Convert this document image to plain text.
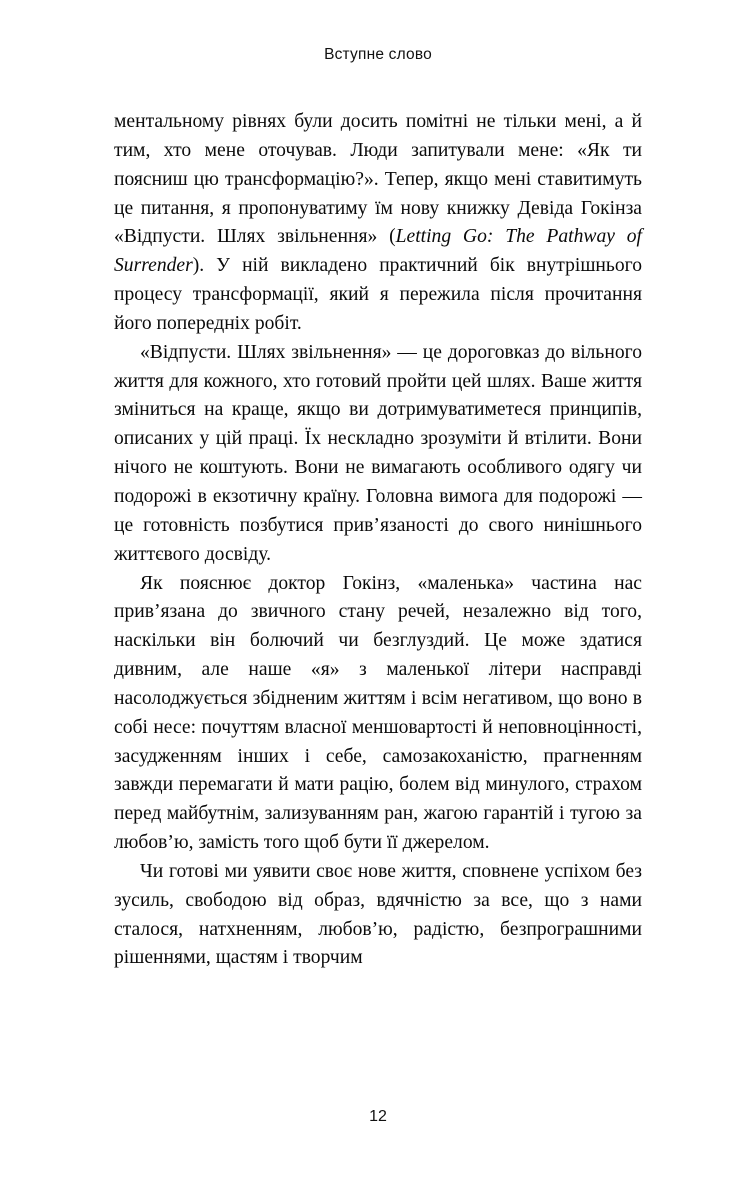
Вступне слово

ментальному рівнях були досить помітні не тільки мені, а й тим, хто мене оточував. Люди запитували мене: «Як ти поясниш цю трансформацію?». Тепер, якщо мені ставитимуть це питання, я пропонуватиму їм нову книжку Девіда Гокінза «Відпусти. Шлях звільнення» (Letting Go: The Pathway of Surrender). У ній викладено практичний бік внутрішнього процесу трансформації, який я пережила після прочитання його попередніх робіт.

«Відпусти. Шлях звільнення» — це дороговказ до вільного життя для кожного, хто готовий пройти цей шлях. Ваше життя зміниться на краще, якщо ви дотримуватиметеся принципів, описаних у цій праці. Їх нескладно зрозуміти й втілити. Вони нічого не коштують. Вони не вимагають особливого одягу чи подорожі в екзотичну країну. Головна вимога для подорожі — це готовність позбутися прив’язаності до свого нинішнього життєвого досвіду.

Як пояснює доктор Гокінз, «маленька» частина нас прив’язана до звичного стану речей, незалежно від того, наскільки він болючий чи безглуздий. Це може здатися дивним, але наше «я» з маленької літери насправді насолоджується збідненим життям і всім негативом, що воно в собі несе: почуттям власної меншовартості й неповноцінності, засудженням інших і себе, самозакоханістю, прагненням завжди перемагати й мати рацію, болем від минулого, страхом перед майбутнім, зализуванням ран, жагою гарантій і тугою за любов’ю, замість того щоб бути її джерелом.

Чи готові ми уявити своє нове життя, сповнене успіхом без зусиль, свободою від образ, вдячністю за все, що з нами сталося, натхненням, любов’ю, радістю, безпрограшними рішеннями, щастям і творчим

12
